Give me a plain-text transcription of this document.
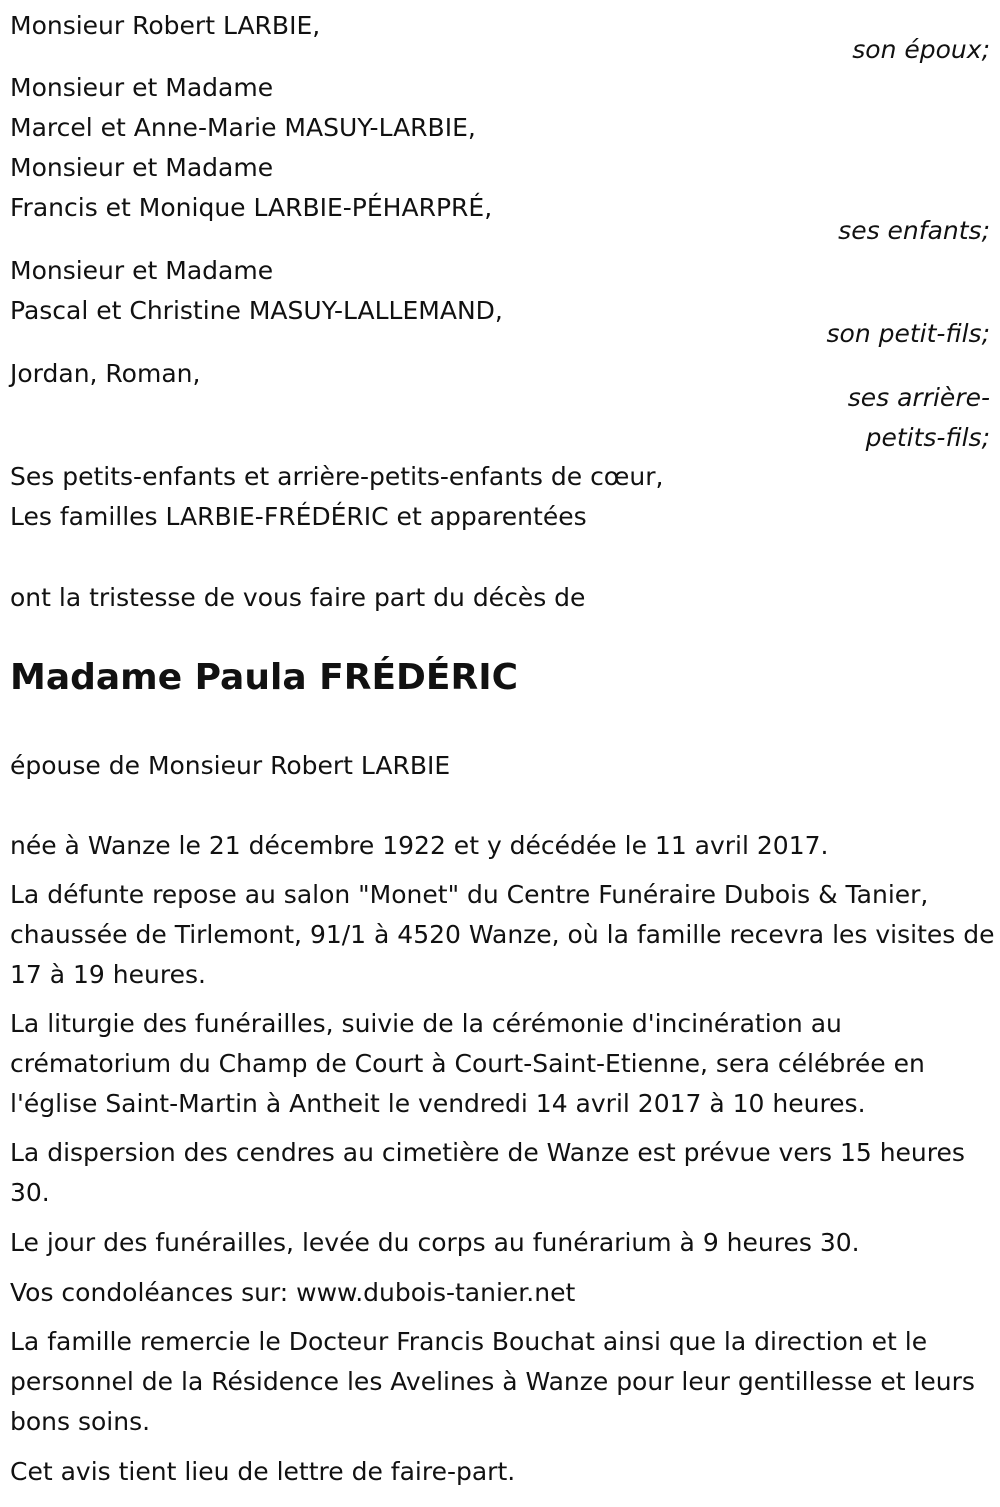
Monsieur Robert LARBIE,
son époux;
Monsieur et Madame
Marcel et Anne-Marie MASUY-LARBIE,
Monsieur et Madame
Francis et Monique LARBIE-PÉHARPRÉ,
ses enfants;
Monsieur et Madame
Pascal et Christine MASUY-LALLEMAND,
son petit-fils;
Jordan, Roman,
ses arrière-
petits-fils;
Ses petits-enfants et arrière-petits-enfants de cœur,
Les familles LARBIE-FRÉDÉRIC et apparentées
ont la tristesse de vous faire part du décès de
Madame Paula FRÉDÉRIC
épouse de Monsieur Robert LARBIE
née à Wanze le 21 décembre 1922 et y décédée le 11 avril 2017.
La défunte repose au salon "Monet" du Centre Funéraire Dubois & Tanier, chaussée de Tirlemont, 91/1 à 4520 Wanze, où la famille recevra les visites de 17 à 19 heures.
La liturgie des funérailles, suivie de la cérémonie d'incinération au crématorium du Champ de Court à Court-Saint-Etienne, sera célébrée en l'église Saint-Martin à Antheit le vendredi 14 avril 2017 à 10 heures.
La dispersion des cendres au cimetière de Wanze est prévue vers 15 heures 30.
Le jour des funérailles, levée du corps au funérarium à 9 heures 30.
Vos condoléances sur: www.dubois-tanier.net
La famille remercie le Docteur Francis Bouchat ainsi que la direction et le personnel de la Résidence les Avelines à Wanze pour leur gentillesse et leurs bons soins.
Cet avis tient lieu de lettre de faire-part.
